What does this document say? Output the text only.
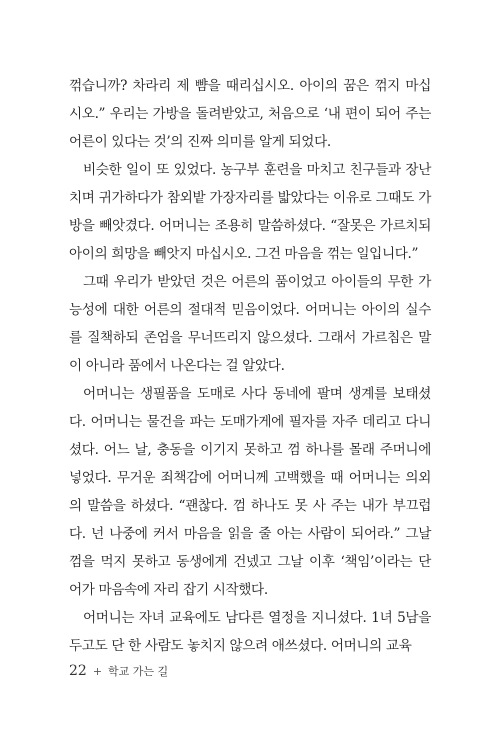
꺾습니까? 차라리 제 뺨을 때리십시오. 아이의 꿈은 꺾지 마십
시오.” 우리는 가방을 돌려받았고, 처음으로 ‘내 편이 되어 주는
어른이 있다는 것’의 진짜 의미를 알게 되었다.

비슷한 일이 또 있었다. 농구부 훈련을 마치고 친구들과 장난
치며 귀가하다가 참외밭 가장자리를 밟았다는 이유로 그때도 가
방을 빼앗겼다. 어머니는 조용히 말씀하셨다. “잘못은 가르치되
아이의 희망을 빼앗지 마십시오. 그건 마음을 꺾는 일입니다.”

그때 우리가 받았던 것은 어른의 품이었고 아이들의 무한 가
능성에 대한 어른의 절대적 믿음이었다. 어머니는 아이의 실수
를 질책하되 존엄을 무너뜨리지 않으셨다. 그래서 가르침은 말
이 아니라 품에서 나온다는 걸 알았다.

어머니는 생필품을 도매로 사다 동네에 팔며 생계를 보태셨
다. 어머니는 물건을 파는 도매가게에 필자를 자주 데리고 다니
셨다. 어느 날, 충동을 이기지 못하고 껌 하나를 몰래 주머니에
넣었다. 무거운 죄책감에 어머니께 고백했을 때 어머니는 의외
의 말씀을 하셨다. “괜찮다. 껌 하나도 못 사 주는 내가 부끄럽
다. 넌 나중에 커서 마음을 읽을 줄 아는 사람이 되어라.” 그날
껌을 먹지 못하고 동생에게 건넸고 그날 이후 ‘책임’이라는 단
어가 마음속에 자리 잡기 시작했다.

어머니는 자녀 교육에도 남다른 열정을 지니셨다. 1녀 5남을
두고도 단 한 사람도 놓치지 않으려 애쓰셨다. 어머니의 교육

22 + 학교 가는 길
